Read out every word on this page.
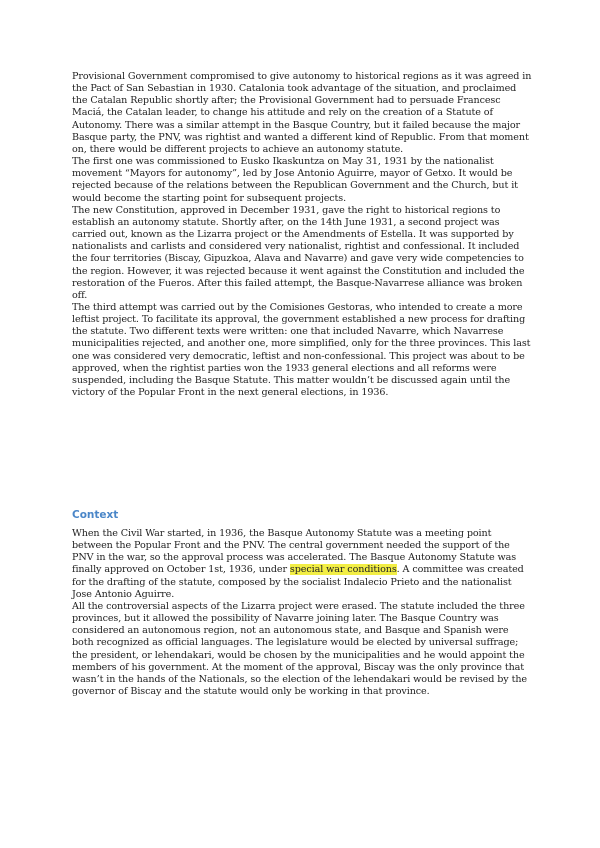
Provisional Government compromised to give autonomy to historical regions as it was agreed in the Pact of San Sebastian in 1930. Catalonia took advantage of the situation, and proclaimed the Catalan Republic shortly after; the Provisional Government had to persuade Francesc Maciá, the Catalan leader, to change his attitude and rely on the creation of a Statute of Autonomy. There was a similar attempt in the Basque Country, but it failed because the major Basque party, the PNV, was rightist and wanted a different kind of Republic. From that moment on, there would be different projects to achieve an autonomy statute.

The first one was commissioned to Eusko Ikaskuntza on May 31, 1931 by the nationalist movement “Mayors for autonomy”, led by Jose Antonio Aguirre, mayor of Getxo. It would be rejected because of the relations between the Republican Government and the Church, but it would become the starting point for subsequent projects.

The new Constitution, approved in December 1931, gave the right to historical regions to establish an autonomy statute. Shortly after, on the 14th June 1931, a second project was carried out, known as the Lizarra project or the Amendments of Estella. It was supported by nationalists and carlists and considered very nationalist, rightist and confessional. It included the four territories (Biscay, Gipuzkoa, Alava and Navarre) and gave very wide competencies to the region. However, it was rejected because it went against the Constitution and included the restoration of the Fueros. After this failed attempt, the Basque-Navarrese alliance was broken off.

The third attempt was carried out by the Comisiones Gestoras, who intended to create a more leftist project. To facilitate its approval, the government established a new process for drafting the statute. Two different texts were written: one that included Navarre, which Navarrese municipalities rejected, and another one, more simplified, only for the three provinces. This last one was considered very democratic, leftist and non-confessional. This project was about to be approved, when the rightist parties won the 1933 general elections and all reforms were suspended, including the Basque Statute. This matter wouldn’t be discussed again until the victory of the Popular Front in the next general elections, in 1936.

Context

When the Civil War started, in 1936, the Basque Autonomy Statute was a meeting point between the Popular Front and the PNV. The central government needed the support of the PNV in the war, so the approval process was accelerated. The Basque Autonomy Statute was finally approved on October 1st, 1936, under special war conditions. A committee was created for the drafting of the statute, composed by the socialist Indalecio Prieto and the nationalist Jose Antonio Aguirre.

All the controversial aspects of the Lizarra project were erased. The statute included the three provinces, but it allowed the possibility of Navarre joining later. The Basque Country was considered an autonomous region, not an autonomous state, and Basque and Spanish were both recognized as official languages. The legislature would be elected by universal suffrage; the president, or lehendakari, would be chosen by the municipalities and he would appoint the members of his government. At the moment of the approval, Biscay was the only province that wasn’t in the hands of the Nationals, so the election of the lehendakari would be revised by the governor of Biscay and the statute would only be working in that province.
